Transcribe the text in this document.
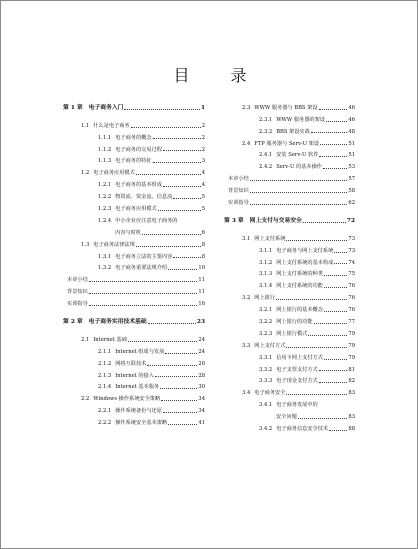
目 录
第 1 章	电子商务入门	1
1.1 什么是电子商务	2
1.1.1 电子商务的概念	2
1.1.2 电子商务的交易过程	2
1.1.3 电子商务的特征	3
1.2 电子商务应用模式	4
1.2.1 电子商务的基本组成	4
1.2.2 物资流、资金流、信息流	5
1.2.3 电子商务应用模式	5
1.2.4 中小企业应注意电子商务的
内容与时机	6
1.3 电子商务法律法规	8
1.3.1 电子商务立法的主要内容	8
1.3.2 电子商务重要法规介绍	10
本章小结	11
背景知识	11
实训指导	16
第 2 章	电子商务实用技术基础	23
2.1 Internet 基础	24
2.1.1 Internet 组成与发展	24
2.1.2 网络互联技术	26
2.1.3 Internet 的接入	28
2.1.4 Internet 基本服务	30
2.2 Windows 操作系统安全策略	34
2.2.1 操作系统备份与还原	34
2.2.2 操作系统安全基本策略	41
2.3 WWW 服务器与 BBS 架设	46
2.3.1 WWW 服务器的架设	46
2.3.2 BBS 架设实战	48
2.4 FTP 服务器与 Serv-U 架设	51
2.4.1 安装 Serv-U 软件	51
2.4.2 Serv-U 的基本操作	53
本章小结	57
背景知识	58
实训指导	62
第 3 章	网上支付与交易安全	72
3.1 网上支付系统	73
3.1.1 电子商务与网上支付系统	73
3.1.2 网上支付系统的基本构成	74
3.1.3 网上支付系统的种类	75
3.1.4 网上支付系统的功能	76
3.2 网上银行	76
3.2.1 网上银行的基本概念	76
3.2.2 网上银行的功能	77
3.2.3 网上银行模式	79
3.3 网上支付方式	79
3.3.1 信用卡网上支付方式	79
3.3.2 电子支票支付方式	81
3.3.3 电子现金支付方式	82
3.4 电子商务安全	83
3.4.1 电子商务发展中的
安全问题	83
3.4.2 电子商务信息安全技术	88
